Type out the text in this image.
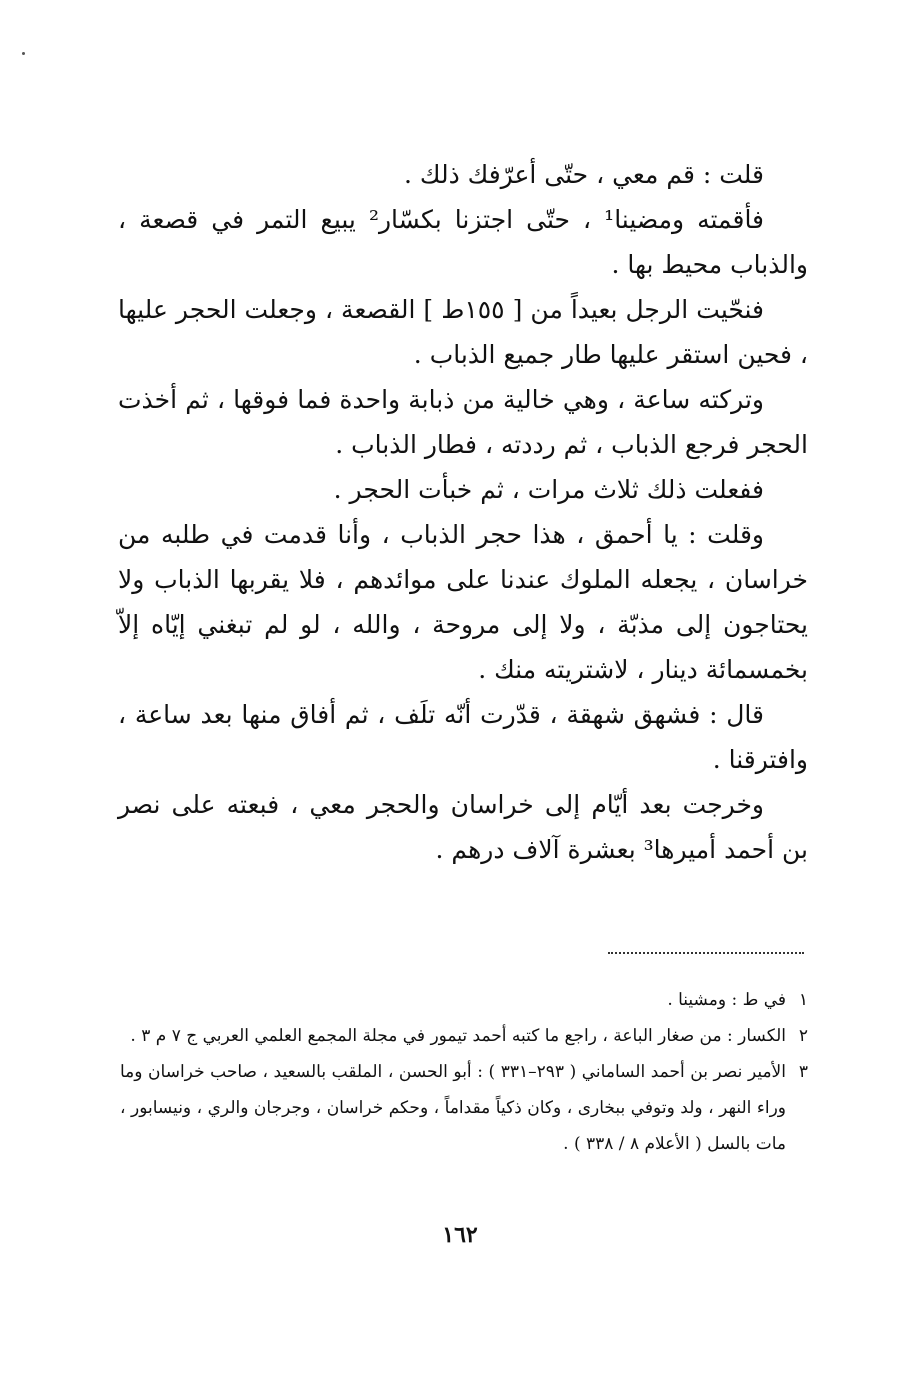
قلت : قم معي ، حتّى أعرّفك ذلك .

فأقمته ومضينا¹ ، حتّى اجتزنا بكسّار² يبيع التمر في قصعة ، والذباب محيط بها .

فنحّيت الرجل بعيداً من [ ١٥٥ط ] القصعة ، وجعلت الحجر عليها ، فحين استقر عليها طار جميع الذباب .

وتركته ساعة ، وهي خالية من ذبابة واحدة فما فوقها ، ثم أخذت الحجر فرجع الذباب ، ثم رددته ، فطار الذباب .

ففعلت ذلك ثلاث مرات ، ثم خبأت الحجر .

وقلت : يا أحمق ، هذا حجر الذباب ، وأنا قدمت في طلبه من خراسان ، يجعله الملوك عندنا على موائدهم ، فلا يقربها الذباب ولا يحتاجون إلى مذبّة ، ولا إلى مروحة ، والله ، لو لم تبغني إيّاه إلاّ بخمسمائة دينار ، لاشتريته منك .

قال : فشهق شهقة ، قدّرت أنّه تلَف ، ثم أفاق منها بعد ساعة ، وافترقنا .

وخرجت بعد أيّام إلى خراسان والحجر معي ، فبعته على نصر بن أحمد أميرها³ بعشرة آلاف درهم .

١
في ط : ومشينا .
٢
الكسار : من صغار الباعة ، راجع ما كتبه أحمد تيمور في مجلة المجمع العلمي العربي ج ٧ م ٣ .
٣
الأمير نصر بن أحمد الساماني ( ٢٩٣–٣٣١ ) : أبو الحسن ، الملقب بالسعيد ، صاحب خراسان وما وراء النهر ، ولد وتوفي ببخارى ، وكان ذكياً مقداماً ، وحكم خراسان ، وجرجان والري ، ونيسابور ، مات بالسل ( الأعلام ٨ / ٣٣٨ ) .
١٦٢
